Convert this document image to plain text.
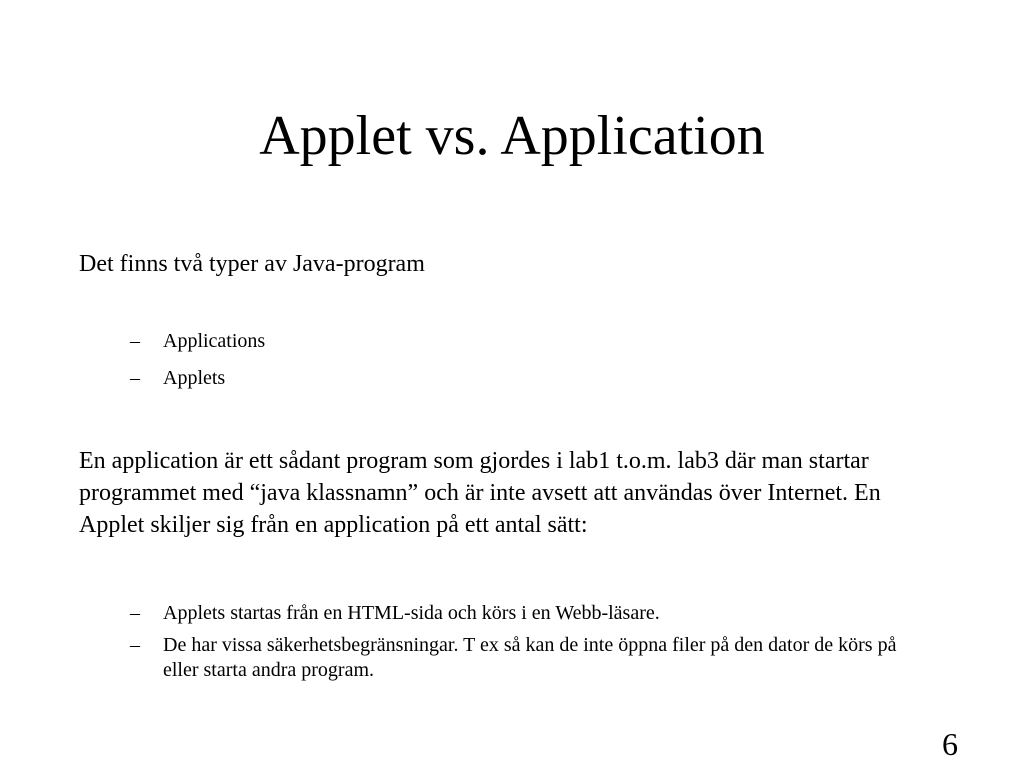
Applet vs. Application

Det finns två typer av Java-program

– Applications
– Applets

En application är ett sådant program som gjordes i lab1 t.o.m. lab3 där man startar programmet med “java klassnamn” och är inte avsett att användas över Internet. En Applet skiljer sig från en application på ett antal sätt:

– Applets startas från en HTML-sida och körs i en Webb-läsare.
– De har vissa säkerhetsbegränsningar. T ex så kan de inte öppna filer på den dator de körs på eller starta andra program.
6
